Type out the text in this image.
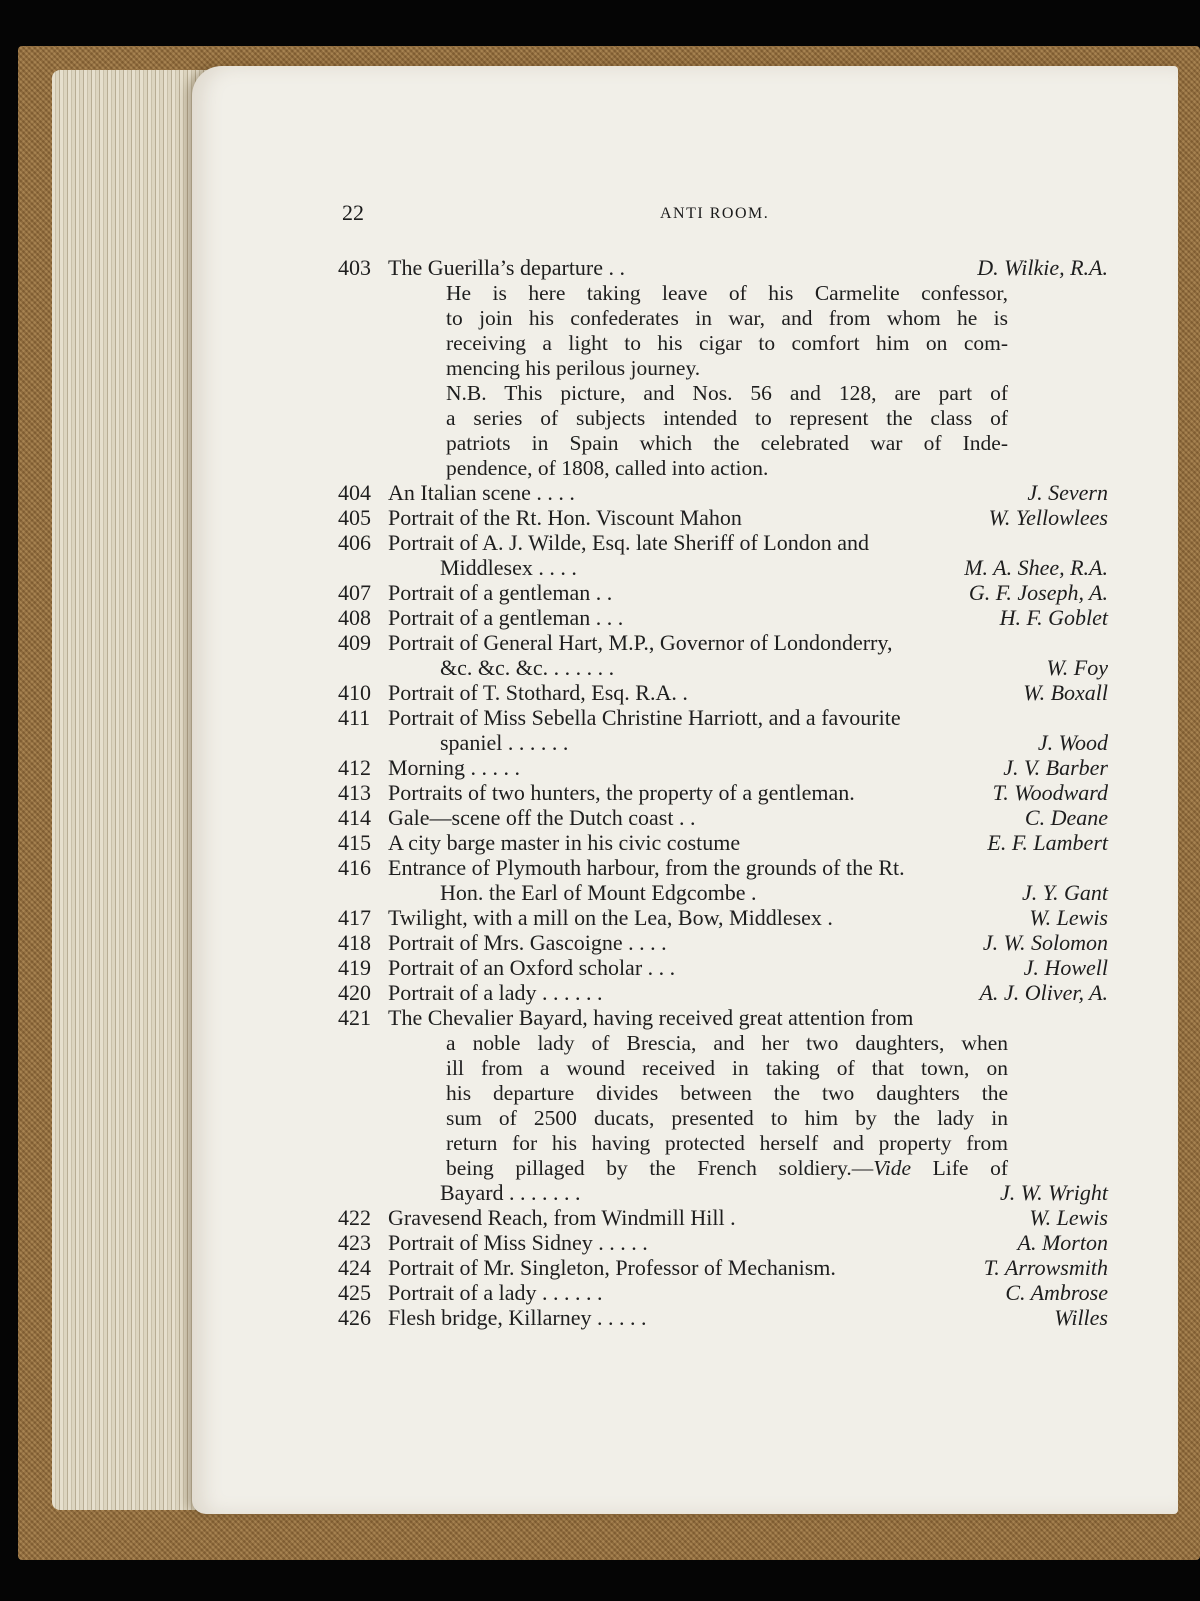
22	ANTI ROOM.
403 The Guerilla’s departure . .	D. Wilkie, R.A.
He is here taking leave of his Carmelite confessor,
to join his confederates in war, and from whom he is
receiving a light to his cigar to comfort him on com-
mencing his perilous journey.
N.B. This picture, and Nos. 56 and 128, are part of
a series of subjects intended to represent the class of
patriots in Spain which the celebrated war of Inde-
pendence, of 1808, called into action.
404 An Italian scene . . . .	J. Severn
405 Portrait of the Rt. Hon. Viscount Mahon	W. Yellowlees
406 Portrait of A. J. Wilde, Esq. late Sheriff of London and
Middlesex . . . .	M. A. Shee, R.A.
407 Portrait of a gentleman . .	G. F. Joseph, A.
408 Portrait of a gentleman . . .	H. F. Goblet
409 Portrait of General Hart, M.P., Governor of Londonderry,
&c. &c. &c. . . . . . .	W. Foy
410 Portrait of T. Stothard, Esq. R.A. .	W. Boxall
411 Portrait of Miss Sebella Christine Harriott, and a favourite
spaniel . . . . . .	J. Wood
412 Morning . . . . .	J. V. Barber
413 Portraits of two hunters, the property of a gentleman.	T. Woodward
414 Gale—scene off the Dutch coast . .	C. Deane
415 A city barge master in his civic costume	E. F. Lambert
416 Entrance of Plymouth harbour, from the grounds of the Rt.
Hon. the Earl of Mount Edgcombe .	J. Y. Gant
417 Twilight, with a mill on the Lea, Bow, Middlesex .	W. Lewis
418 Portrait of Mrs. Gascoigne . . . .	J. W. Solomon
419 Portrait of an Oxford scholar . . .	J. Howell
420 Portrait of a lady . . . . . .	A. J. Oliver, A.
421 The Chevalier Bayard, having received great attention from
a noble lady of Brescia, and her two daughters, when
ill from a wound received in taking of that town, on
his departure divides between the two daughters the
sum of 2500 ducats, presented to him by the lady in
return for his having protected herself and property from
being pillaged by the French soldiery.—Vide Life of
Bayard . . . . . . .	J. W. Wright
422 Gravesend Reach, from Windmill Hill .	W. Lewis
423 Portrait of Miss Sidney . . . . .	A. Morton
424 Portrait of Mr. Singleton, Professor of Mechanism.	T. Arrowsmith
425 Portrait of a lady . . . . . .	C. Ambrose
426 Flesh bridge, Killarney . . . . .	Willes
